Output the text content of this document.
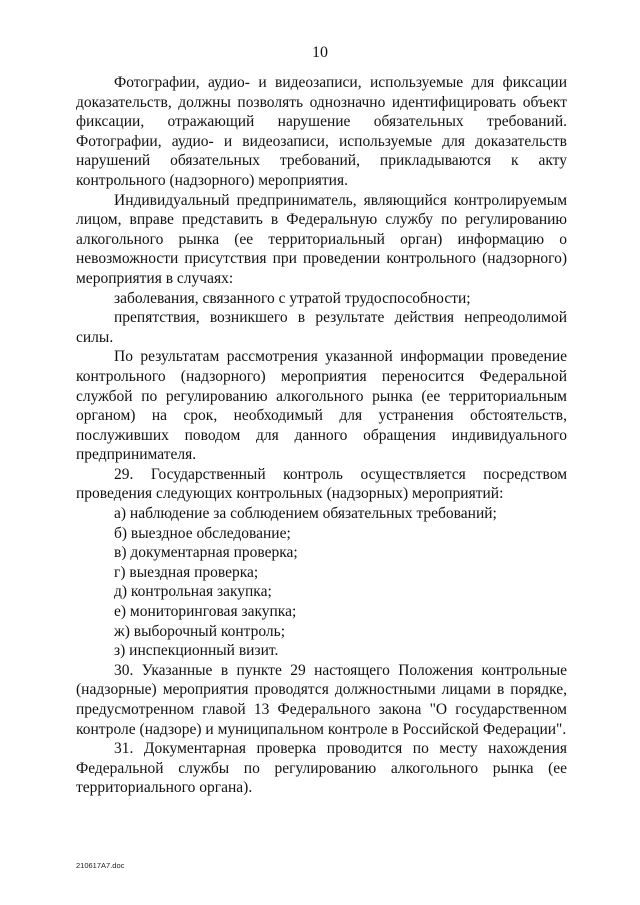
10

Фотографии, аудио- и видеозаписи, используемые для фиксации доказательств, должны позволять однозначно идентифицировать объект фиксации, отражающий нарушение обязательных требований. Фотографии, аудио- и видеозаписи, используемые для доказательств нарушений обязательных требований, прикладываются к акту контрольного (надзорного) мероприятия.

Индивидуальный предприниматель, являющийся контролируемым лицом, вправе представить в Федеральную службу по регулированию алкогольного рынка (ее территориальный орган) информацию о невозможности присутствия при проведении контрольного (надзорного) мероприятия в случаях:

заболевания, связанного с утратой трудоспособности;

препятствия, возникшего в результате действия непреодолимой силы.

По результатам рассмотрения указанной информации проведение контрольного (надзорного) мероприятия переносится Федеральной службой по регулированию алкогольного рынка (ее территориальным органом) на срок, необходимый для устранения обстоятельств, послуживших поводом для данного обращения индивидуального предпринимателя.

29. Государственный контроль осуществляется посредством проведения следующих контрольных (надзорных) мероприятий:

а) наблюдение за соблюдением обязательных требований;

б) выездное обследование;

в) документарная проверка;

г) выездная проверка;

д) контрольная закупка;

е) мониторинговая закупка;

ж) выборочный контроль;

з) инспекционный визит.

30. Указанные в пункте 29 настоящего Положения контрольные (надзорные) мероприятия проводятся должностными лицами в порядке, предусмотренном главой 13 Федерального закона "О государственном контроле (надзоре) и муниципальном контроле в Российской Федерации".

31. Документарная проверка проводится по месту нахождения Федеральной службы по регулированию алкогольного рынка (ее территориального органа).

210617A7.doc
